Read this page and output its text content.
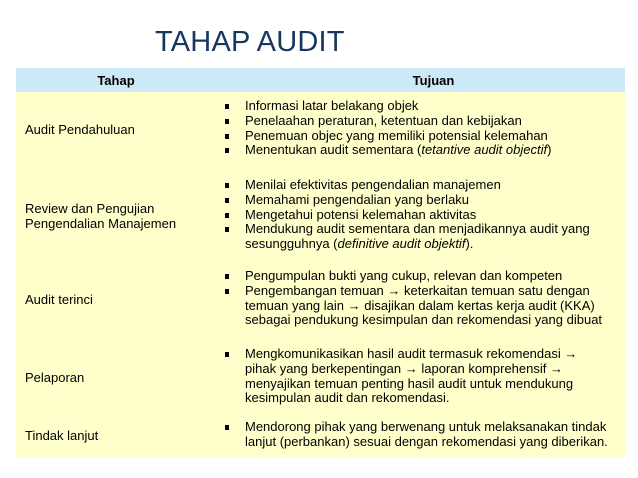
TAHAP AUDIT
Tahap	Tujuan
Audit Pendahuluan
Informasi latar belakang objek
Penelaahan peraturan, ketentuan dan kebijakan
Penemuan objec yang memiliki potensial kelemahan
Menentukan audit sementara (tetantive audit objectif)
Review dan Pengujian
Pengendalian Manajemen
Menilai efektivitas pengendalian manajemen
Memahami pengendalian yang berlaku
Mengetahui potensi kelemahan aktivitas
Mendukung audit sementara dan menjadikannya audit yang
sesungguhnya (definitive audit objektif).
Audit terinci
Pengumpulan bukti yang cukup, relevan dan kompeten
Pengembangan temuan → keterkaitan temuan satu dengan
temuan yang lain → disajikan dalam kertas kerja audit (KKA)
sebagai pendukung kesimpulan dan rekomendasi yang dibuat
Pelaporan
Mengkomunikasikan hasil audit termasuk rekomendasi →
pihak yang berkepentingan → laporan komprehensif →
menyajikan temuan penting hasil audit untuk mendukung
kesimpulan audit dan rekomendasi.
Tindak lanjut
Mendorong pihak yang berwenang untuk melaksanakan tindak
lanjut (perbankan) sesuai dengan rekomendasi yang diberikan.
